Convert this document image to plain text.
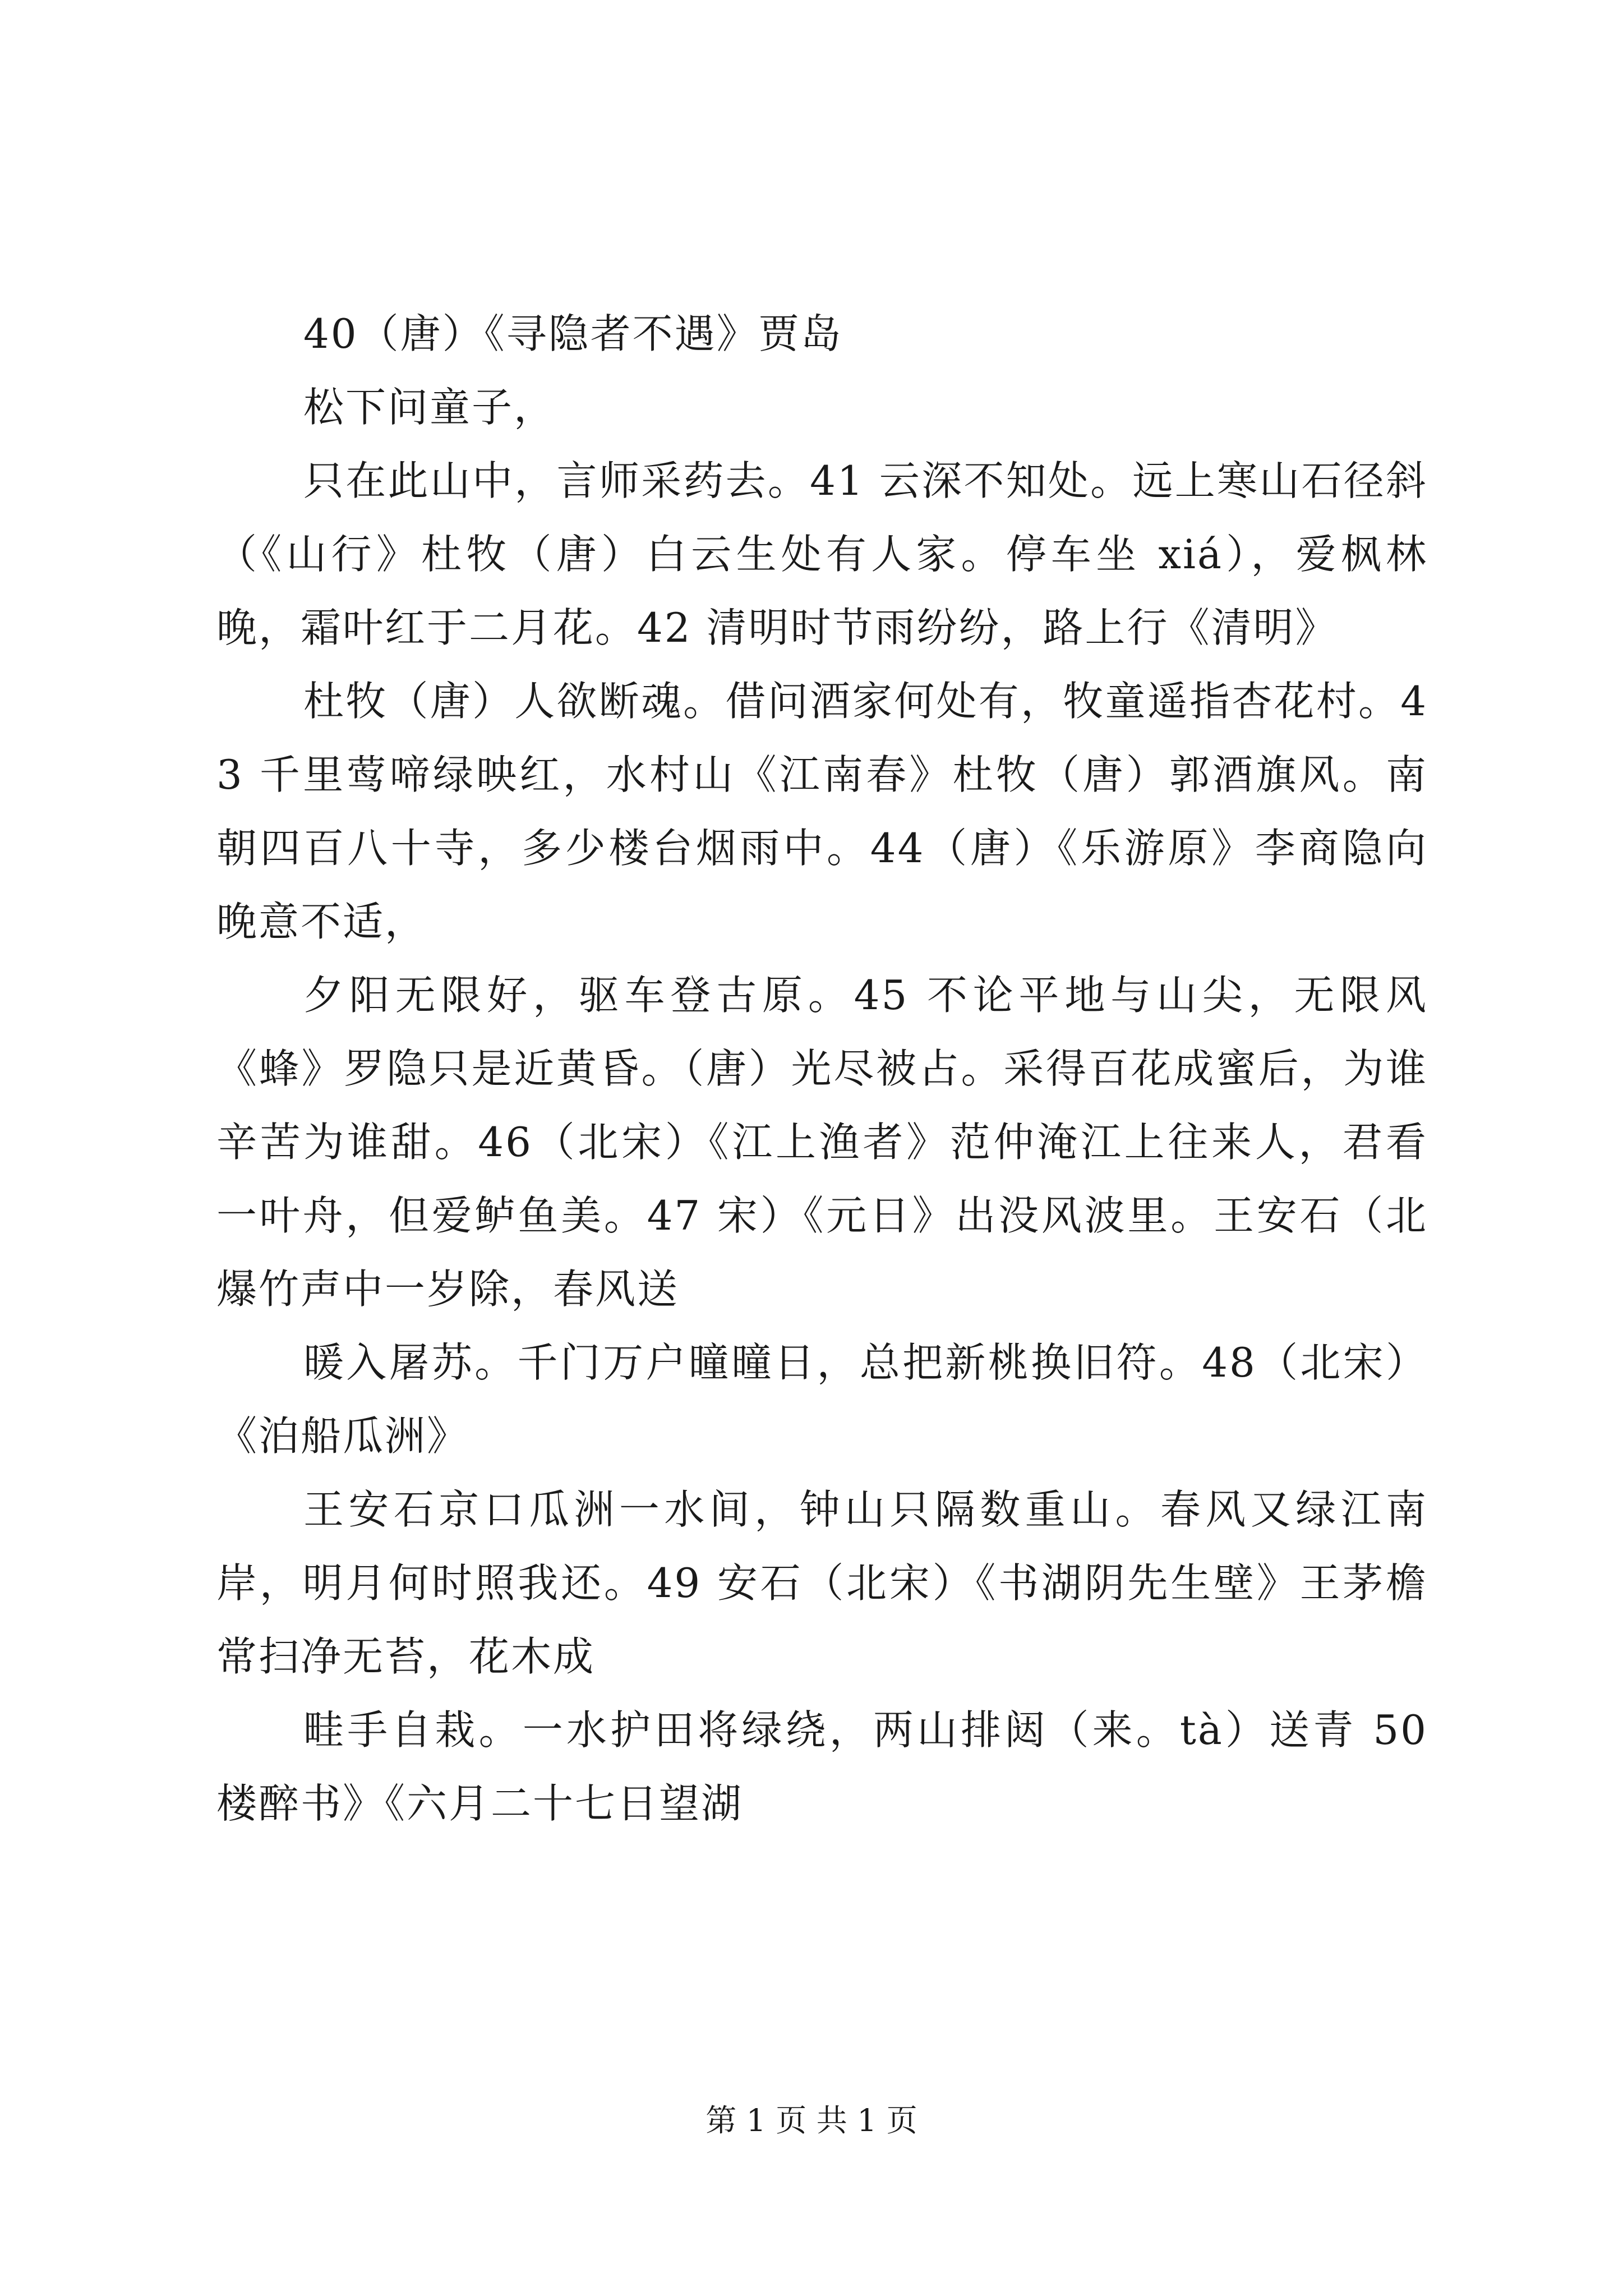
40（唐）《寻隐者不遇》贾岛

松下问童子，

只在此山中，言师采药去。41 云深不知处。远上寒山石径斜（《山行》杜牧（唐）白云生处有人家。停车坐 xiá），爱枫林晚，霜叶红于二月花。42 清明时节雨纷纷，路上行《清明》

杜牧（唐）人欲断魂。借问酒家何处有，牧童遥指杏花村。43 千里莺啼绿映红，水村山《江南春》杜牧（唐）郭酒旗风。南朝四百八十寺，多少楼台烟雨中。44（唐）《乐游原》李商隐向晚意不适，

夕阳无限好，驱车登古原。45 不论平地与山尖，无限风《蜂》罗隐只是近黄昏。（唐）光尽被占。采得百花成蜜后，为谁辛苦为谁甜。46（北宋）《江上渔者》范仲淹江上往来人，君看一叶舟，但爱鲈鱼美。47 宋）《元日》出没风波里。王安石（北爆竹声中一岁除，春风送

暖入屠苏。千门万户曈曈日，总把新桃换旧符。48（北宋）《泊船瓜洲》

王安石京口瓜洲一水间，钟山只隔数重山。春风又绿江南岸，明月何时照我还。49 安石（北宋）《书湖阴先生壁》王茅檐常扫净无苔，花木成

畦手自栽。一水护田将绿绕，两山排闼（来。tà）送青 50 楼醉书》《六月二十七日望湖

第 1 页 共 1 页
